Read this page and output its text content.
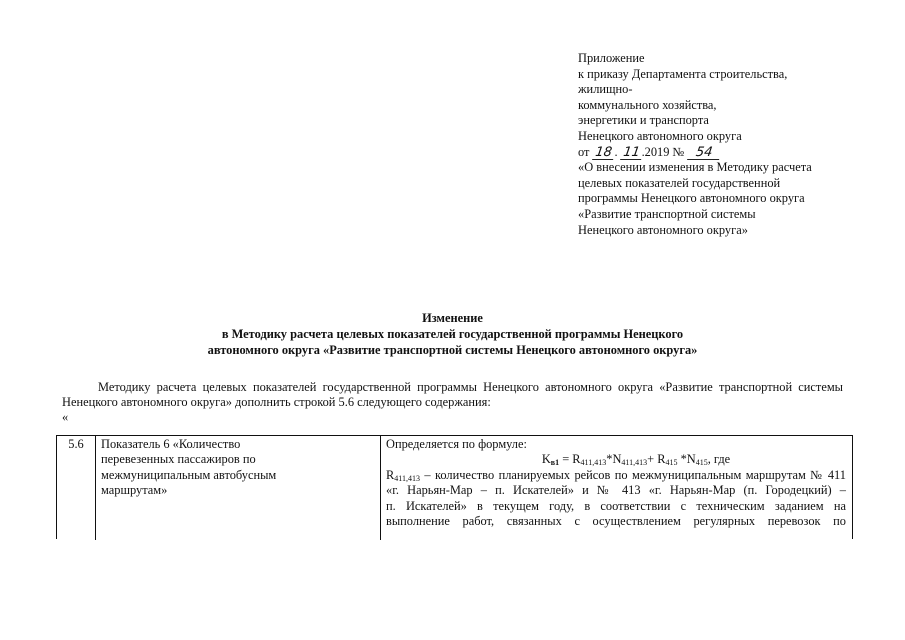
Приложение
к приказу Департамента строительства,
жилищно-
коммунального хозяйства,
энергетики и транспорта
Ненецкого автономного округа
от 18 . 11 .2019 № 54
«О внесении изменения в Методику расчета
целевых показателей государственной
программы Ненецкого автономного округа
«Развитие транспортной системы
Ненецкого автономного округа»
Изменение
в Методику расчета целевых показателей государственной программы Ненецкого
автономного округа «Развитие транспортной системы Ненецкого автономного округа»
Методику расчета целевых показателей государственной программы Ненецкого автономного округа «Развитие транспортной системы Ненецкого автономного округа» дополнить строкой 5.6 следующего содержания:
«
5.6	Показатель 6 «Количество
перевезенных пассажиров по
межмуниципальным автобусным
маршрутам»
Определяется по формуле:
$K_{в1} = R_{411,413}*N_{411,413}+ R_{415}$ $*N_{415}$, где
$R_{411,413}$ – количество планируемых рейсов по межмуниципальным маршрутам № 411
«г. Нарьян-Мар – п. Искателей» и № 413 «г. Нарьян-Мар (п. Городецкий) –
п. Искателей» в текущем году, в соответствии с техническим заданием на
выполнение работ, связанных с осуществлением регулярных перевозок по
